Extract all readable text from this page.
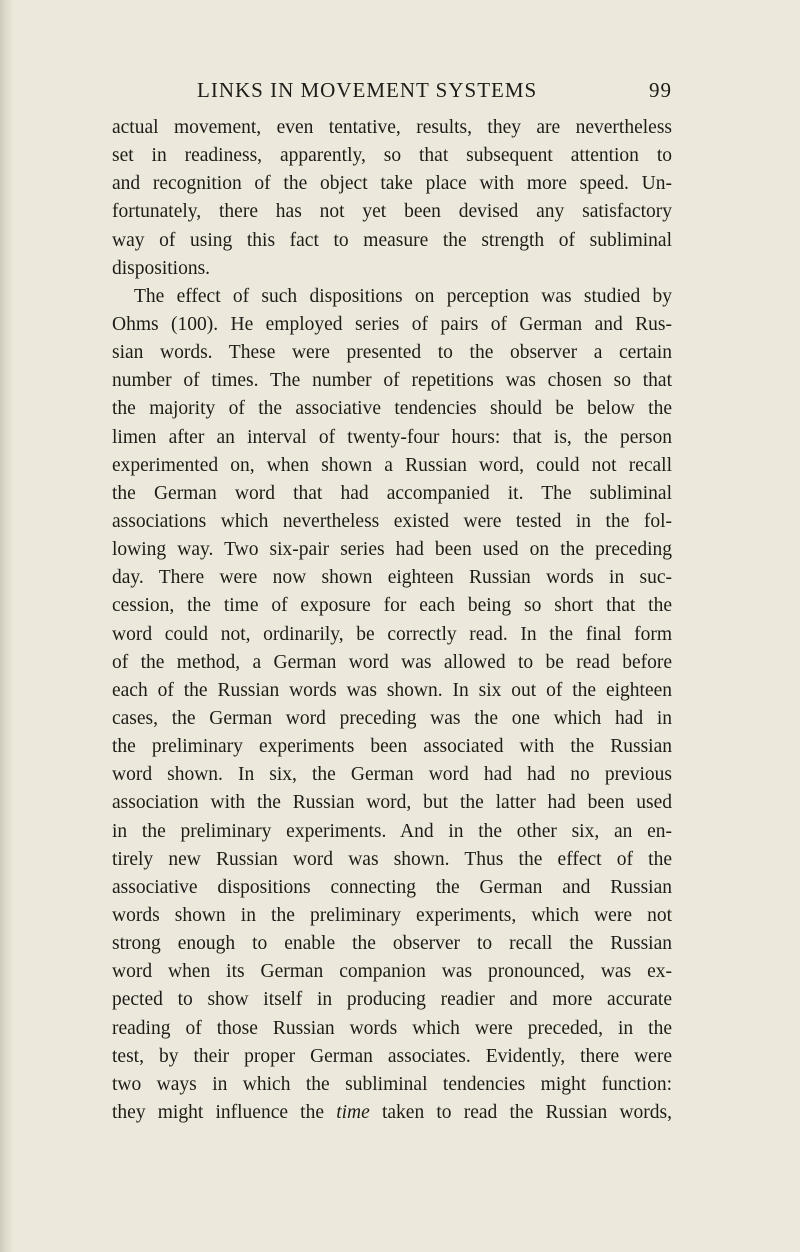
LINKS IN MOVEMENT SYSTEMS	99
actual movement, even tentative, results, they are nevertheless
set in readiness, apparently, so that subsequent attention to
and recognition of the object take place with more speed. Un-
fortunately, there has not yet been devised any satisfactory
way of using this fact to measure the strength of subliminal
dispositions.
The effect of such dispositions on perception was studied by
Ohms (100). He employed series of pairs of German and Rus-
sian words. These were presented to the observer a certain
number of times. The number of repetitions was chosen so that
the majority of the associative tendencies should be below the
limen after an interval of twenty-four hours: that is, the person
experimented on, when shown a Russian word, could not recall
the German word that had accompanied it. The subliminal
associations which nevertheless existed were tested in the fol-
lowing way. Two six-pair series had been used on the preceding
day. There were now shown eighteen Russian words in suc-
cession, the time of exposure for each being so short that the
word could not, ordinarily, be correctly read. In the final form
of the method, a German word was allowed to be read before
each of the Russian words was shown. In six out of the eighteen
cases, the German word preceding was the one which had in
the preliminary experiments been associated with the Russian
word shown. In six, the German word had had no previous
association with the Russian word, but the latter had been used
in the preliminary experiments. And in the other six, an en-
tirely new Russian word was shown. Thus the effect of the
associative dispositions connecting the German and Russian
words shown in the preliminary experiments, which were not
strong enough to enable the observer to recall the Russian
word when its German companion was pronounced, was ex-
pected to show itself in producing readier and more accurate
reading of those Russian words which were preceded, in the
test, by their proper German associates. Evidently, there were
two ways in which the subliminal tendencies might function:
they might influence the time taken to read the Russian words,
